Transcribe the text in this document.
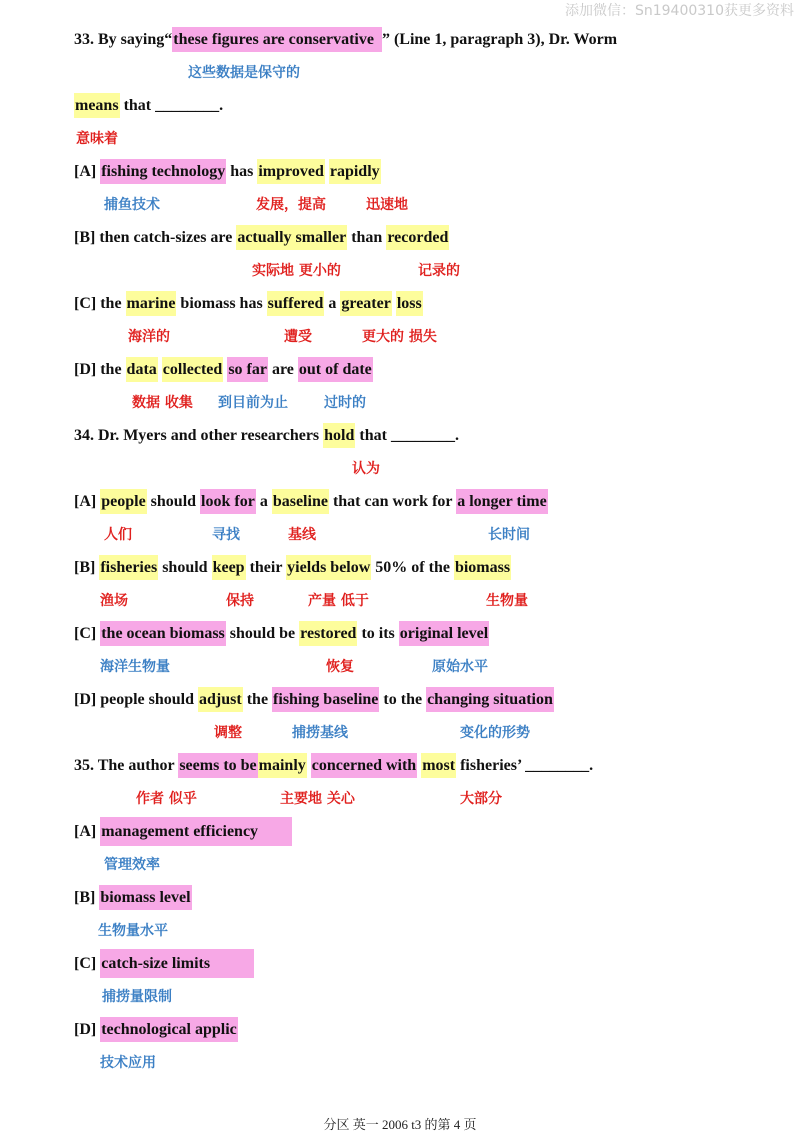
添加微信：Sn19400310获更多资料
33. By saying“these figures are conservative ” (Line 1, paragraph 3), Dr. Worm
这些数据是保守的
means that ________.
意味着
[A] fishing technology has improved rapidly
捕鱼技术	发展，提高	迅速地
[B] then catch-sizes are actually smaller than recorded
实际地 更小的	记录的
[C] the marine biomass has suffered a greater loss
海洋的	遭受	更大的 损失
[D] the data collected so far are out of date
数据 收集 到目前为止	过时的
34. Dr. Myers and other researchers hold that ________.
认为
[A] people should look for a baseline that can work for a longer time
人们	寻找	基线	长时间
[B] fisheries should keep their yields below 50% of the biomass
渔场	保持	产量 低于	生物量
[C] the ocean biomass should be restored to its original level
海洋生物量	恢复	原始水平
[D] people should adjust the fishing baseline to the changing situation
调整	捕捞基线	变化的形势
35. The author seems to be mainly concerned with most fisheries’ ________.
作者 似乎	主要地 关心	大部分
[A] management efficiency
管理效率
[B] biomass level
生物量水平
[C] catch-size limits
捕捞量限制
[D] technological applic
技术应用
分区 英一 2006 t3 的第 4 页
